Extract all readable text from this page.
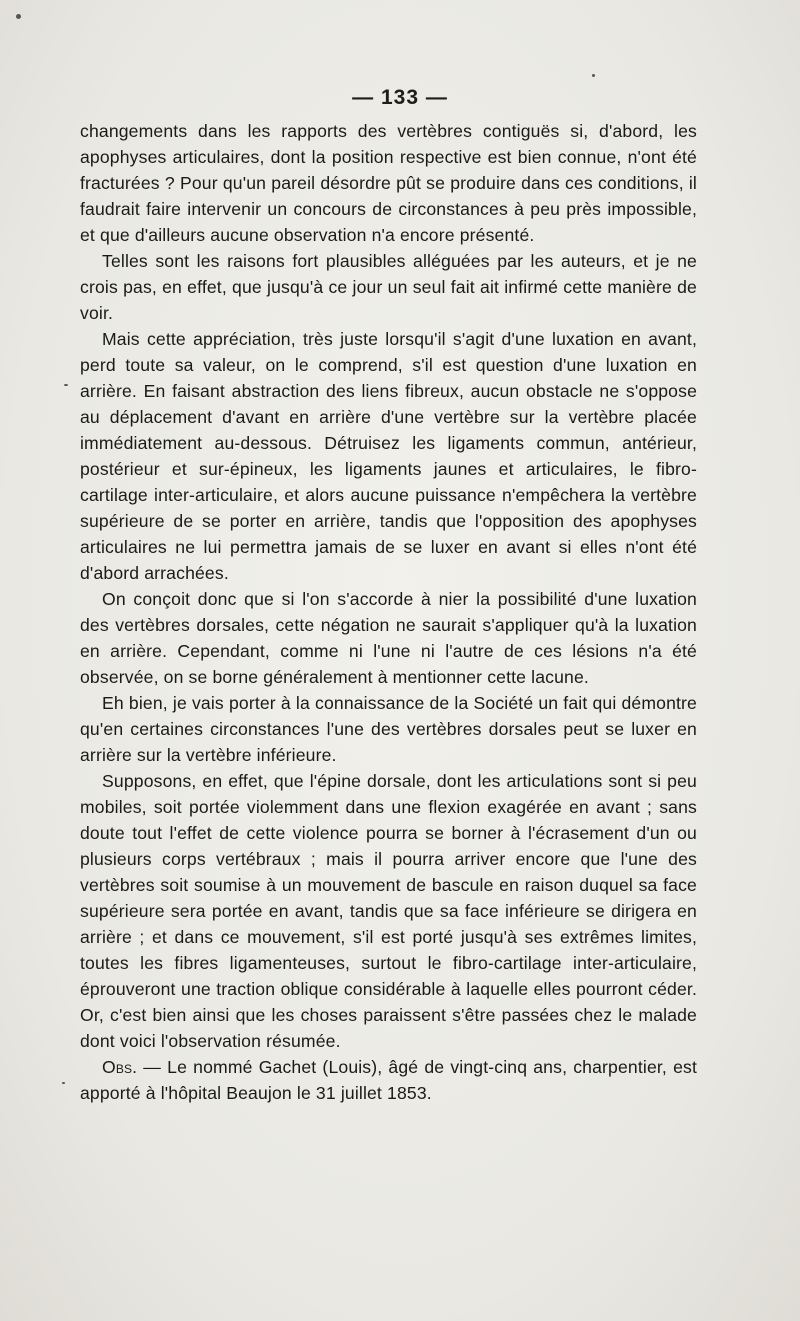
— 133 —

changements dans les rapports des vertèbres contiguës si, d'abord, les apophyses articulaires, dont la position respective est bien connue, n'ont été fracturées ? Pour qu'un pareil désordre pût se produire dans ces conditions, il faudrait faire intervenir un concours de circonstances à peu près impossible, et que d'ailleurs aucune observation n'a encore présenté.

Telles sont les raisons fort plausibles alléguées par les auteurs, et je ne crois pas, en effet, que jusqu'à ce jour un seul fait ait infirmé cette manière de voir.

Mais cette appréciation, très juste lorsqu'il s'agit d'une luxation en avant, perd toute sa valeur, on le comprend, s'il est question d'une luxation en arrière. En faisant abstraction des liens fibreux, aucun obstacle ne s'oppose au déplacement d'avant en arrière d'une vertèbre sur la vertèbre placée immédiatement au-dessous. Détruisez les ligaments commun, antérieur, postérieur et sur-épineux, les ligaments jaunes et articulaires, le fibro-cartilage inter-articulaire, et alors aucune puissance n'empêchera la vertèbre supérieure de se porter en arrière, tandis que l'opposition des apophyses articulaires ne lui permettra jamais de se luxer en avant si elles n'ont été d'abord arrachées.

On conçoit donc que si l'on s'accorde à nier la possibilité d'une luxation des vertèbres dorsales, cette négation ne saurait s'appliquer qu'à la luxation en arrière. Cependant, comme ni l'une ni l'autre de ces lésions n'a été observée, on se borne généralement à mentionner cette lacune.

Eh bien, je vais porter à la connaissance de la Société un fait qui démontre qu'en certaines circonstances l'une des vertèbres dorsales peut se luxer en arrière sur la vertèbre inférieure.

Supposons, en effet, que l'épine dorsale, dont les articulations sont si peu mobiles, soit portée violemment dans une flexion exagérée en avant ; sans doute tout l'effet de cette violence pourra se borner à l'écrasement d'un ou plusieurs corps vertébraux ; mais il pourra arriver encore que l'une des vertèbres soit soumise à un mouvement de bascule en raison duquel sa face supérieure sera portée en avant, tandis que sa face inférieure se dirigera en arrière ; et dans ce mouvement, s'il est porté jusqu'à ses extrêmes limites, toutes les fibres ligamenteuses, surtout le fibro-cartilage inter-articulaire, éprouveront une traction oblique considérable à laquelle elles pourront céder. Or, c'est bien ainsi que les choses paraissent s'être passées chez le malade dont voici l'observation résumée.

Obs. — Le nommé Gachet (Louis), âgé de vingt-cinq ans, charpentier, est apporté à l'hôpital Beaujon le 31 juillet 1853.
